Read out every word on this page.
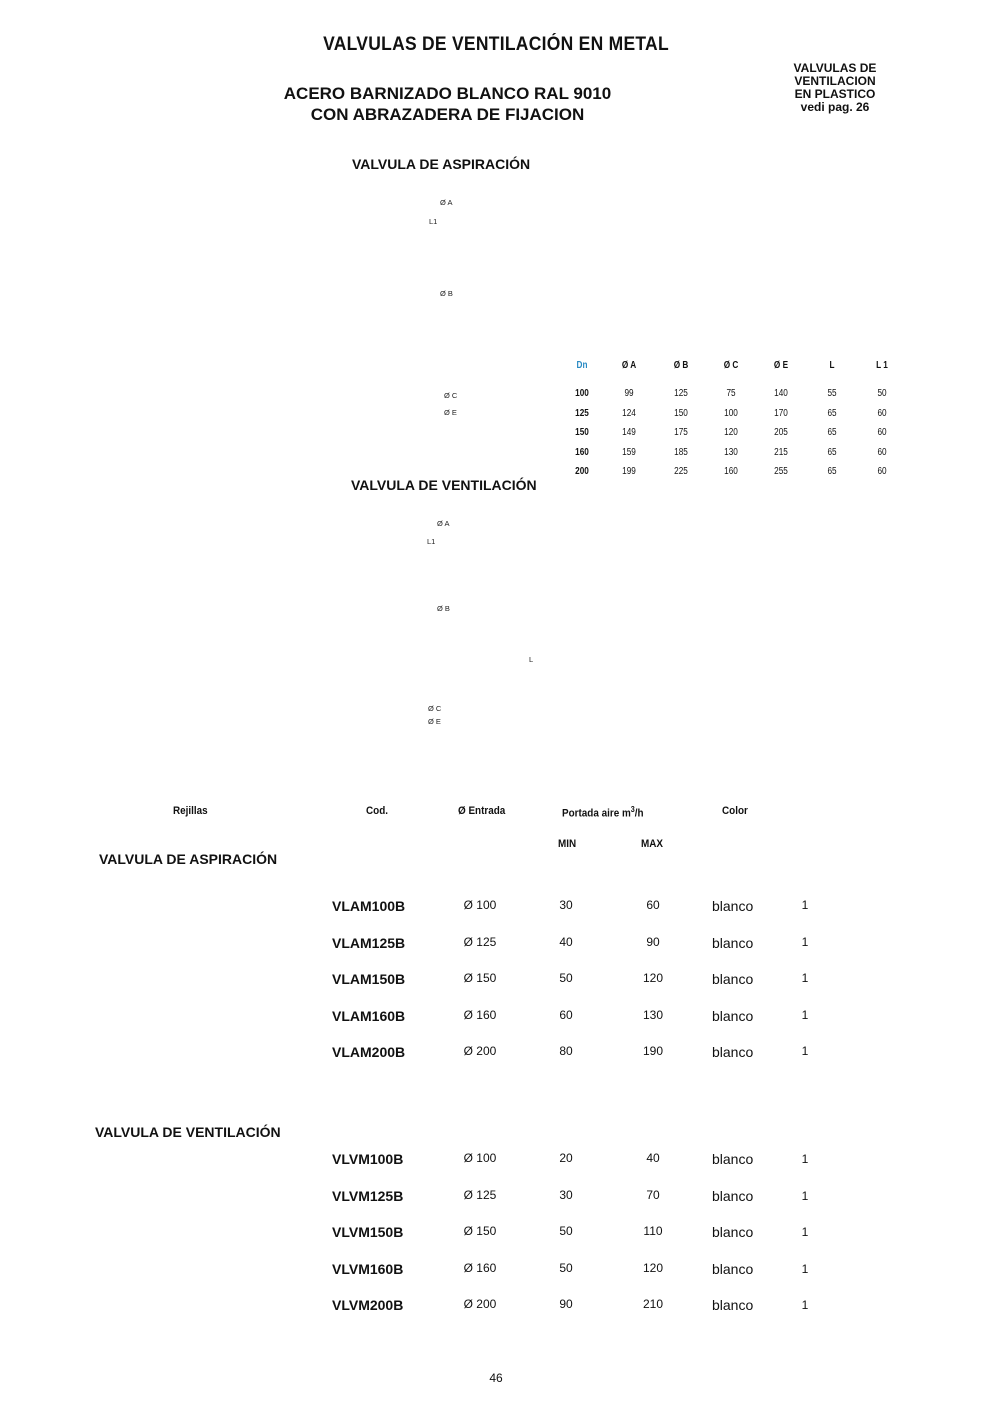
VALVULAS DE VENTILACIÓN EN METAL
ACERO BARNIZADO BLANCO RAL 9010
CON ABRAZADERA DE FIJACION
VALVULAS DE
VENTILACION
EN PLASTICO
vedi pag. 26
VALVULA DE ASPIRACIÓN
Ø A
L1
Ø B
Ø C
Ø E
Dn	Ø A	Ø B	Ø C	Ø E	L	L 1
100	99	125	75	140	55	50
125	124	150	100	170	65	60
150	149	175	120	205	65	60
160	159	185	130	215	65	60
200	199	225	160	255	65	60
VALVULA DE VENTILACIÓN
Ø A
L1
Ø B
L
Ø C
Ø E
Rejillas	Cod.	Ø Entrada	Portada aire $m^3/h$	Color
MIN	MAX
VALVULA DE ASPIRACIÓN
VLAM100B	Ø 100	30	60	blanco	1
VLAM125B	Ø 125	40	90	blanco	1
VLAM150B	Ø 150	50	120	blanco	1
VLAM160B	Ø 160	60	130	blanco	1
VLAM200B	Ø 200	80	190	blanco	1
VALVULA DE VENTILACIÓN
VLVM100B	Ø 100	20	40	blanco	1
VLVM125B	Ø 125	30	70	blanco	1
VLVM150B	Ø 150	50	110	blanco	1
VLVM160B	Ø 160	50	120	blanco	1
VLVM200B	Ø 200	90	210	blanco	1
46
